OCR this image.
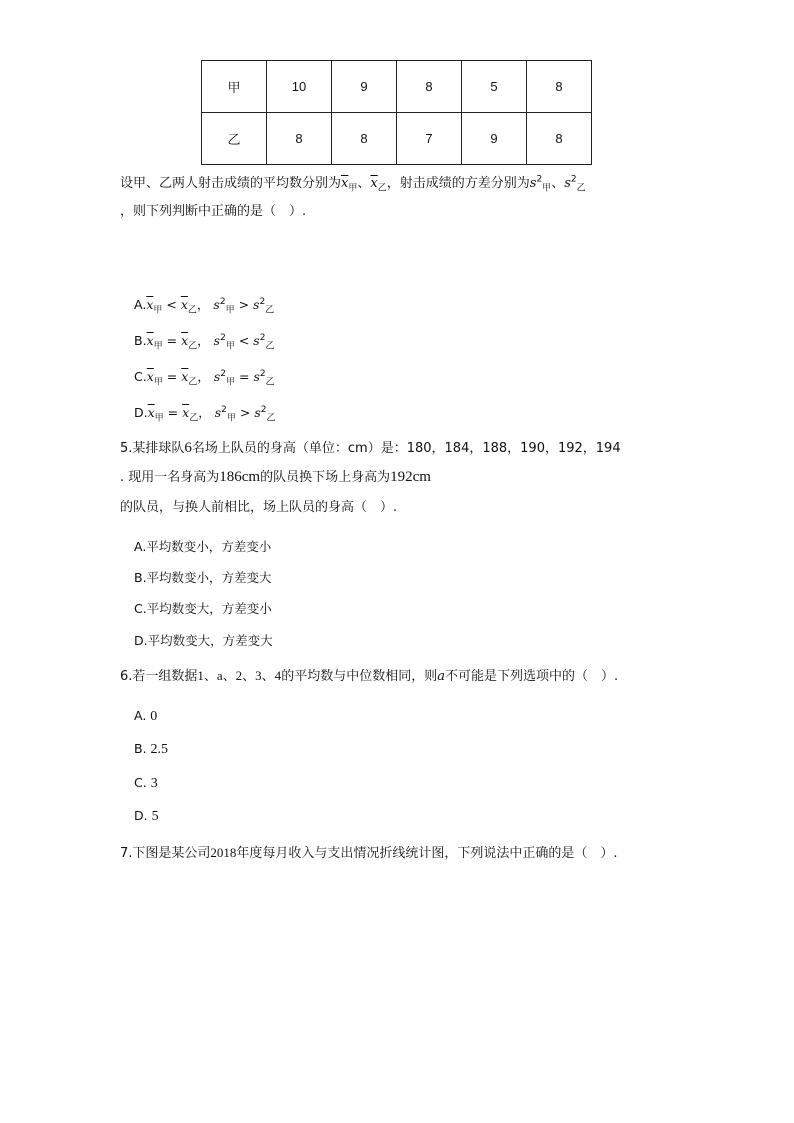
甲	10	9	8	5	8
乙	8	8	7	9	8
设甲、乙两人射击成绩的平均数分别为$\overline{x}_甲$、$\overline{x}_乙$，射击成绩的方差分别为$s^2_甲$、$s^2_乙$
，则下列判断中正确的是（　）.
$A.\overline{x}_甲 < \overline{x}_乙$， $s^2_甲 > s^2_乙$
$B.\overline{x}_甲 = \overline{x}_乙$， $s^2_甲 < s^2_乙$
$C.\overline{x}_甲 = \overline{x}_乙$， $s^2_甲 = s^2_乙$
$D.\overline{x}_甲 = \overline{x}_乙$， $s^2_甲 > s^2_乙$
5.某排球队6名场上队员的身高（单位：cm）是：180，184，188，190，192，194
. 现用一名身高为186cm的队员换下场上身高为192cm
的队员，与换人前相比，场上队员的身高（　）.
A.平均数变小，方差变小
B.平均数变小，方差变大
C.平均数变大，方差变小
D.平均数变大，方差变大
6.若一组数据1、a、2、3、4的平均数与中位数相同，则a不可能是下列选项中的（　）.
A. 0
B. 2.5
C. 3
D. 5
7.下图是某公司2018年度每月收入与支出情况折线统计图，下列说法中正确的是（　）.
